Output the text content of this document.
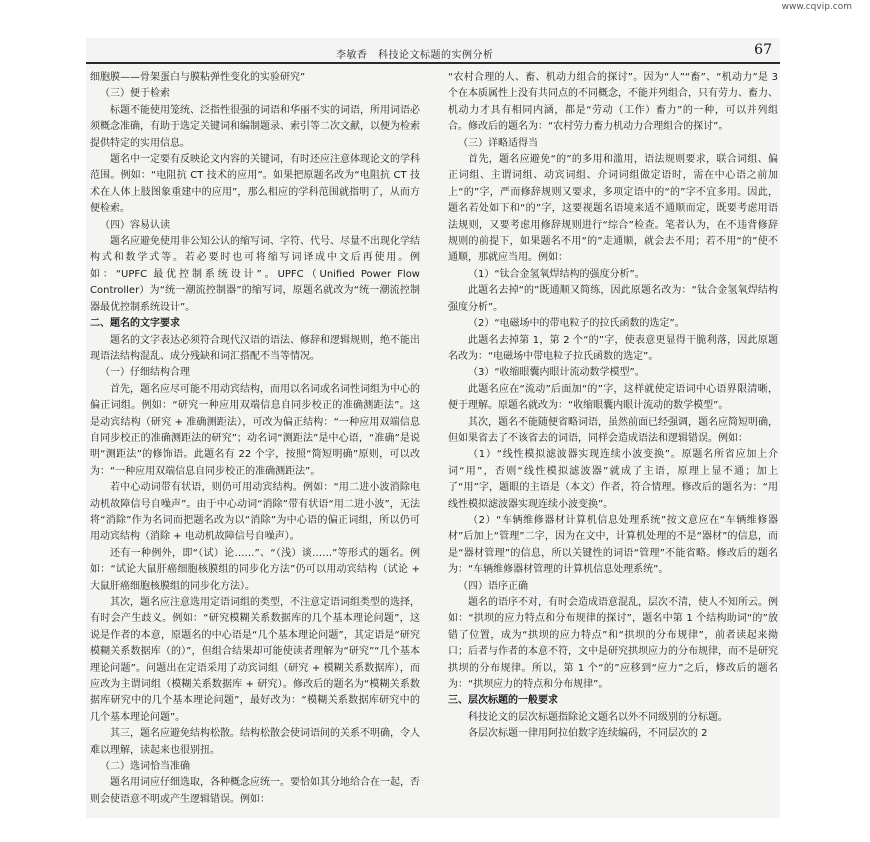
www.cqvip.com
李敏香　科技论文标题的实例分析	67

细胞膜——骨架蛋白与膜粘弹性变化的实验研究”

（三）便于检索

标题不能使用笼统、泛指性很强的词语和华丽不实的词语，所用词语必须概念准确，有助于选定关键词和编制题录、索引等二次文献，以便为检索提供特定的实用信息。

题名中一定要有反映论文内容的关键词，有时还应注意体现论文的学科范围。例如：“电阻抗 CT 技术的应用”。如果把原题名改为“电阻抗 CT 技术在人体上肢图象重建中的应用”，那么相应的学科范围就指明了，从而方便检索。

（四）容易认读

题名应避免使用非公知公认的缩写词、字符、代号、尽量不出现化学结构式和数学式等。若必要时也可将缩写词译成中文后再使用。例如：“UPFC 最优控制系统设计”。UPFC（Unified Power Flow Controller）为“统一潮流控制器”的缩写词，原题名就改为“统一潮流控制器最优控制系统设计”。

二、题名的文字要求

题名的文字表达必须符合现代汉语的语法、修辞和逻辑规则，绝不能出现语法结构混乱、成分残缺和词汇搭配不当等情况。

（一）仔细结构合理

首先，题名应尽可能不用动宾结构，而用以名词或名词性词组为中心的偏正词组。例如：“研究一种应用双端信息自同步校正的准确测距法”。这是动宾结构（研究 + 准确测距法），可改为偏正结构：“一种应用双端信息自同步校正的准确测距法的研究”；动名词“测距法”是中心语，“准确”是说明“测距法”的修饰语。此题名有 22 个字，按照“简短明确”原则，可以改为：“一种应用双端信息自同步校正的准确测距法”。

若中心动词带有状语，则仍可用动宾结构。例如：“用二进小波消除电动机故障信号自噪声”。由于中心动词“消除”带有状语“用二进小波”，无法将“消除”作为名词而把题名改为以“消除”为中心语的偏正词组，所以仍可用动宾结构（消除 + 电动机故障信号自噪声）。

还有一种例外，即“（试）论……”、“（浅）谈……”等形式的题名。例如：“试论大鼠肝癌细胞核膜组的同步化方法”仍可以用动宾结构（试论 + 大鼠肝癌细胞核膜组的同步化方法）。

其次，题名应注意选用定语词组的类型，不注意定语词组类型的选择，有时会产生歧义。例如：“研究模糊关系数据库的几个基本理论问题”，这说是作者的本意，原题名的中心语是“几个基本理论问题”，其定语是“研究模糊关系数据库（的）”，但组合结果却可能使读者理解为“研究”“几个基本理论问题”。问题出在定语采用了动宾词组（研究 + 模糊关系数据库），而应改为主谓词组（模糊关系数据库 + 研究）。修改后的题名为“模糊关系数据库研究中的几个基本理论问题”，最好改为：“模糊关系数据库研究中的几个基本理论问题”。

其三，题名应避免结构松散。结构松散会使词语间的关系不明确，令人难以理解，读起来也很别扭。

（二）选词恰当准确

题名用词应仔细选取，各种概念应统一。要恰如其分地给合在一起，否则会使语意不明或产生逻辑错误。例如：

“农村合理的人、畜、机动力组合的探讨”。因为“人”“畜”、“机动力”是 3 个在本质属性上没有共同点的不同概念，不能并列组合，只有劳力、畜力、机动力才具有相同内涵，都是“劳动（工作）畜力”的一种，可以并列组合。修改后的题名为：“农村劳力畜力机动力合理组合的探讨”。

（三）详略适得当

首先，题名应避免“的”的多用和滥用，语法规则要求，联合词组、偏正词组、主谓词组、动宾词组、介词词组做定语时，需在中心语之前加上“的”字，严而修辞规则又要求，多项定语中的“的”字不宜多用。因此，题名若处如下和“的”字，这要视题名语境来适不通顺而定，既要考虑用语法规则，又要考虑用修辞规则进行“综合”检查。笔者认为，在不违背修辞规则的前提下，如果题名不用“的”走通顺，就会去不用；若不用“的”使不通顺，那就应当用。例如：

（1）“钛合金氢氧焊结构的强度分析”。

此题名去掉“的”既通顺又简练，因此原题名改为：“钛合金氢氧焊结构强度分析”。

（2）“电磁场中的带电粒子的拉氏函数的选定”。

此题名去掉第 1，第 2 个“的”字，使表意更显得干脆利落，因此原题名改为：“电磁场中带电粒子拉氏函数的选定”。

（3）“收缩眼囊内眼计流动数学模型”。

此题名应在“流动”后面加“的”字，这样就使定语词中心语界限清晰，便于理解。原题名就改为：“收缩眼囊内眼计流动的数学模型”。

其次，题名不能随便省略词语，虽然前面已经强调，题名应简短明确，但如果省去了不该省去的词语，同样会造成语法和逻辑错误。例如：

（1）“线性模拟滤波器实现连续小波变换”。原题名所省应加上介词“用”，否则“线性模拟滤波器”就成了主语，原理上显不通；加上了“用”字，题眼的主语是（本文）作者，符合情理。修改后的题名为：“用线性模拟滤波器实现连续小波变换”。

（2）“车辆维修器材计算机信息处理系统”按文意应在“车辆维修器材”后加上“管理”二字，因为在文中，计算机处理的不是“器材”的信息，而是“器材管理”的信息，所以关键性的词语“管理”不能省略。修改后的题名为：“车辆维修器材管理的计算机信息处理系统”。

（四）语序正确

题名的语序不对，有时会造成语意混乱，层次不清，使人不知所云。例如：“拱坝的应力特点和分布规律的探讨”，题名中第 1 个结构助词“的”放错了位置，成为“拱坝的应力特点”和“拱坝的分布规律”，前者读起来拗口；后者与作者的本意不符，文中是研究拱坝应力的分布规律，而不是研究拱坝的分布规律。所以，第 1 个“的”应移到“应力”之后，修改后的题名为：“拱坝应力的特点和分布规律”。

三、层次标题的一般要求

科技论文的层次标题指除论文题名以外不同级别的分标题。

各层次标题一律用阿拉伯数字连续编码，不同层次的 2
